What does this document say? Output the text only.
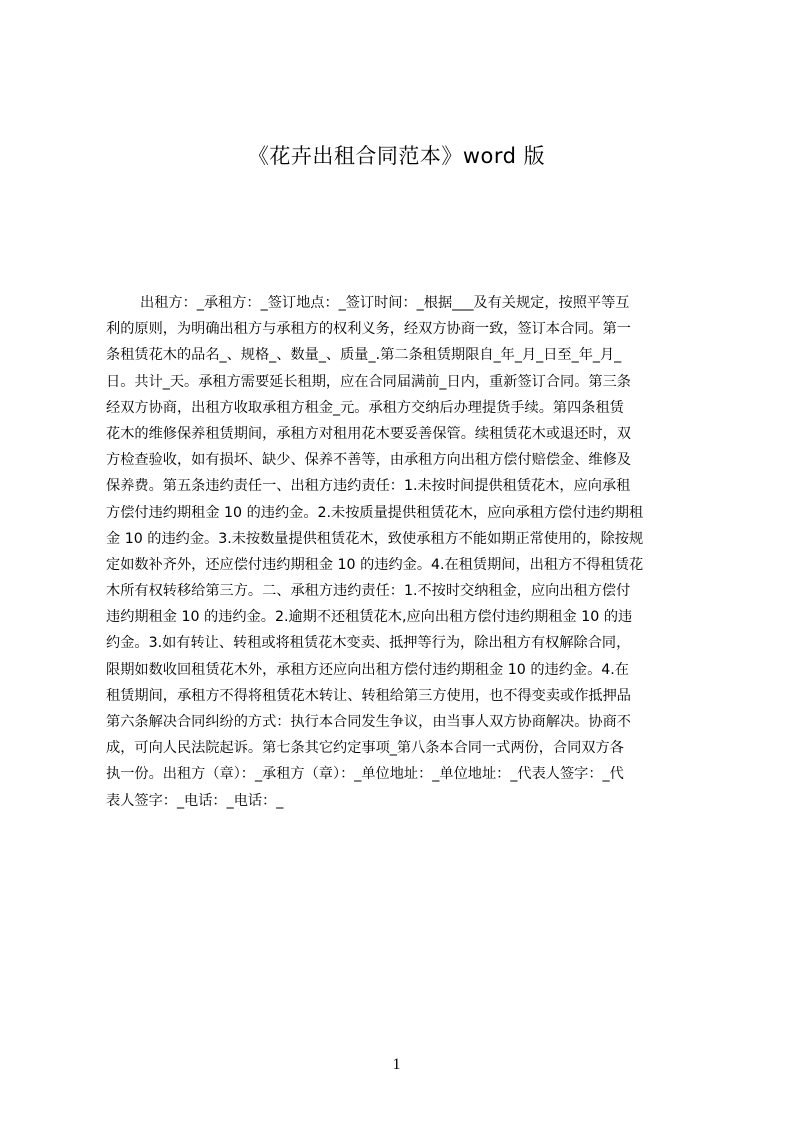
《花卉出租合同范本》word 版
出租方：_承租方：_签订地点：_签订时间：_根据___及有关规定，按照平等互
利的原则，为明确出租方与承租方的权利义务，经双方协商一致，签订本合同。第一
条租赁花木的品名_、规格_、数量_、质量_.第二条租赁期限自_年_月_日至_年_月_
日。共计_天。承租方需要延长租期，应在合同届满前_日内，重新签订合同。第三条
经双方协商，出租方收取承租方租金_元。承租方交纳后办理提货手续。第四条租赁
花木的维修保养租赁期间，承租方对租用花木要妥善保管。续租赁花木或退还时，双
方检查验收，如有损坏、缺少、保养不善等，由承租方向出租方偿付赔偿金、维修及
保养费。第五条违约责任一、出租方违约责任：1.未按时间提供租赁花木，应向承租
方偿付违约期租金 10 的违约金。2.未按质量提供租赁花木，应向承租方偿付违约期租
金 10 的违约金。3.未按数量提供租赁花木，致使承租方不能如期正常使用的，除按规
定如数补齐外，还应偿付违约期租金 10 的违约金。4.在租赁期间，出租方不得租赁花
木所有权转移给第三方。二、承租方违约责任：1.不按时交纳租金，应向出租方偿付
违约期租金 10 的违约金。2.逾期不还租赁花木,应向出租方偿付违约期租金 10 的违
约金。3.如有转让、转租或将租赁花木变卖、抵押等行为，除出租方有权解除合同，
限期如数收回租赁花木外，承租方还应向出租方偿付违约期租金 10 的违约金。4.在
租赁期间，承租方不得将租赁花木转让、转租给第三方使用，也不得变卖或作抵押品
第六条解决合同纠纷的方式：执行本合同发生争议，由当事人双方协商解决。协商不
成，可向人民法院起诉。第七条其它约定事项_第八条本合同一式两份，合同双方各
执一份。出租方（章）：_承租方（章）：_单位地址：_单位地址：_代表人签字：_代
表人签字：_电话：_电话：_
1
